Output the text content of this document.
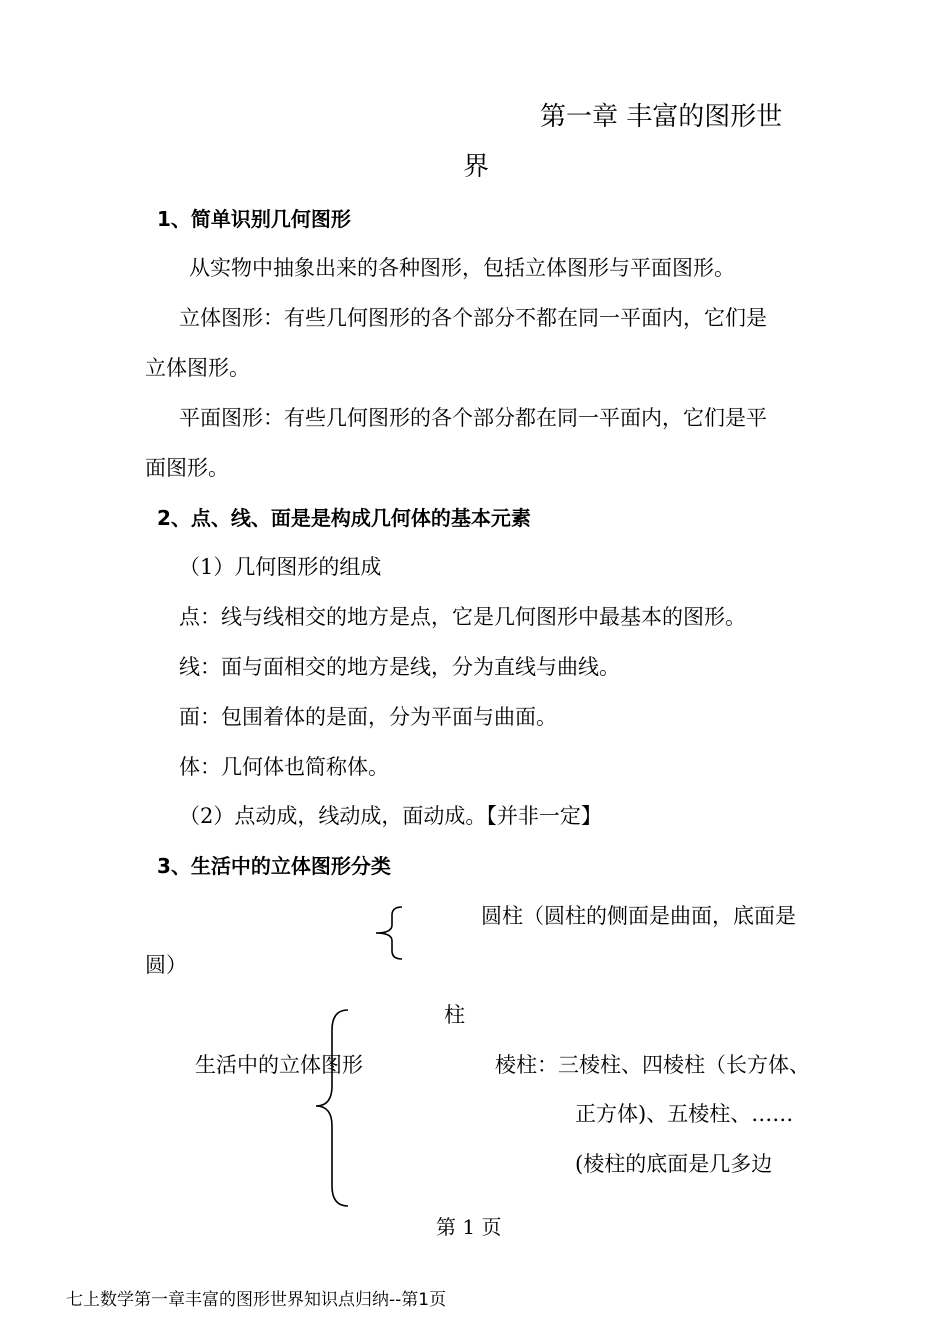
第一章 丰富的图形世
界
1、简单识别几何图形
从实物中抽象出来的各种图形，包括立体图形与平面图形。
立体图形：有些几何图形的各个部分不都在同一平面内，它们是
立体图形。
平面图形：有些几何图形的各个部分都在同一平面内，它们是平
面图形。
2、点、线、面是是构成几何体的基本元素
（1）几何图形的组成
点：线与线相交的地方是点，它是几何图形中最基本的图形。
线：面与面相交的地方是线，分为直线与曲线。
面：包围着体的是面，分为平面与曲面。
体：几何体也简称体。
（2）点动成，线动成，面动成。【并非一定】
3、生活中的立体图形分类
圆柱（圆柱的侧面是曲面，底面是
圆）
柱
生活中的立体图形	棱柱：三棱柱、四棱柱（长方体、
正方体)、五棱柱、……
(棱柱的底面是几多边
第 1 页
七上数学第一章丰富的图形世界知识点归纳--第1页
